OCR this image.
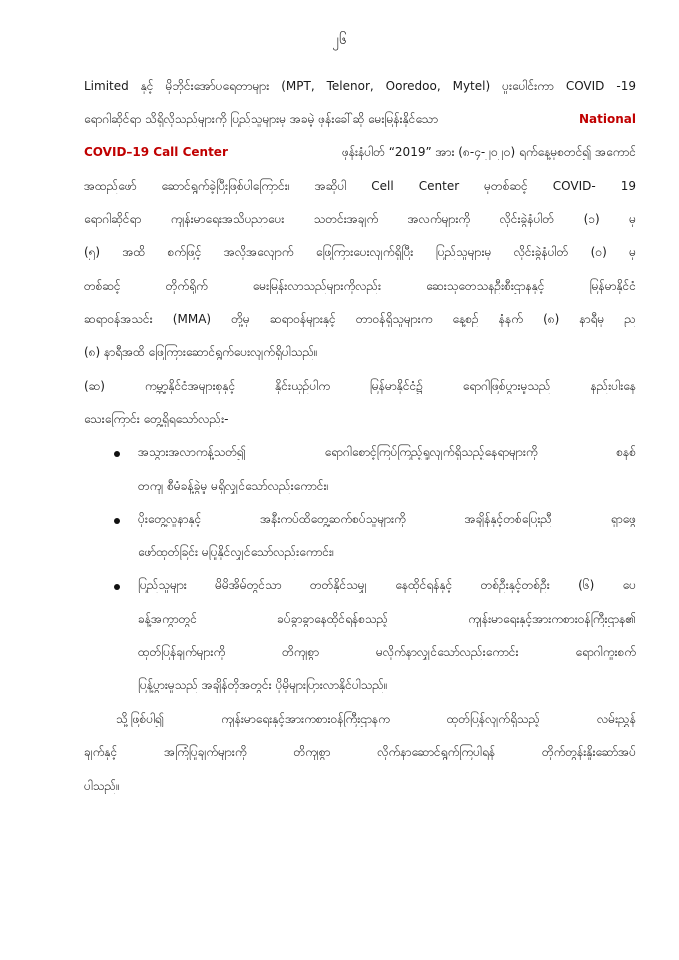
၂၆
Limited နှင့် မိုဘိုင်းအော်ပရေတာများ (MPT, Telenor, Ooredoo, Mytel) ပူးပေါင်းကာ COVID -19
ရောဂါဆိုင်ရာ သိရှိလိုသည်များကို ပြည်သူများမှ အခမဲ့ ဖုန်းခေါ်ဆို မေးမြန်းနိုင်သော	National
COVID–19 Call Center	ဖုန်းနံပါတ် “2019” အား (၈-၄-၂၀၂၀) ရက်နေ့မှစတင်၍ အကောင်
အထည်ဖော် ဆောင်ရွက်ခဲ့ပြီးဖြစ်ပါကြောင်း၊ အဆိုပါ Cell Center မှတစ်ဆင့် COVID- 19
ရောဂါဆိုင်ရာ ကျန်းမာရေးအသိပညာပေး သတင်းအချက် အလက်များကို လိုင်းခွဲနံပါတ် (၁) မှ
(၅) အထိ စက်ဖြင့် အလိုအလျောက် ဖြေကြားပေးလျက်ရှိပြီး ပြည်သူများမှ လိုင်းခွဲနံပါတ် (၀) မှ
တစ်ဆင့် တိုက်ရိုက် မေးမြန်းလာသည်များကိုလည်း ဆေးသုတေသနဦးစီးဌာနနှင့် မြန်မာနိုင်ငံ
ဆရာဝန်အသင်း (MMA) တို့မှ ဆရာဝန်များနှင့် တာဝန်ရှိသူများက နေ့စဉ် နံနက် (၈) နာရီမှ ည
(၈) နာရီအထိ ဖြေကြားဆောင်ရွက်ပေးလျက်ရှိပါသည်။
(ဆ) ကမ္ဘာ့နိုင်ငံအများစုနှင့် နိုင်းယှဉ်ပါက မြန်မာနိုင်ငံ၌ ရောဂါဖြစ်ပွားမှုသည် နည်းပါးနေ
သေးကြောင်း တွေ့ရှိရသော်လည်း-
အသွားအလာကန့်သတ်၍ ရောဂါစောင့်ကြပ်ကြည့်ရှုလျက်ရှိသည့်နေရာများကို စနစ်
တကျ စီမံခန့်ခွဲမှု မရှိလျှင်သော်လည်းကောင်း၊
ပိုးတွေ့လူနာနှင့် အနီးကပ်ထိတွေ့ဆက်စပ်သူများကို အချိန်နှင့်တစ်ပြေးညီ ရှာဖွေ
ဖော်ထုတ်ခြင်း မပြုနိုင်လျှင်သော်လည်းကောင်း၊
ပြည်သူများ မိမိအိမ်တွင်သာ တတ်နိုင်သမျှ နေထိုင်ရန်နှင့် တစ်ဦးနှင့်တစ်ဦး (၆) ပေ
ခန့်အကွာတွင် ခပ်ခွာခွာနေထိုင်ရန်စသည့် ကျန်းမာရေးနှင့်အားကစားဝန်ကြီးဌာန၏
ထုတ်ပြန်ချက်များကို တိကျစွာ မလိုက်နာလျှင်သော်လည်းကောင်း ရောဂါကူးစက်
ပြန့်ပွားမှုသည် အချိန်တိုအတွင်း ပိုမိုများပြားလာနိုင်ပါသည်။
သို့ဖြစ်ပါ၍ ကျန်းမာရေးနှင့်အားကစားဝန်ကြီးဌာနက ထုတ်ပြန်လျက်ရှိသည့် လမ်းညွှန်
ချက်နှင့် အကြံပြုချက်များကို တိကျစွာ လိုက်နာဆောင်ရွက်ကြပါရန် တိုက်တွန်းနှိုးဆော်အပ်
ပါသည်။
